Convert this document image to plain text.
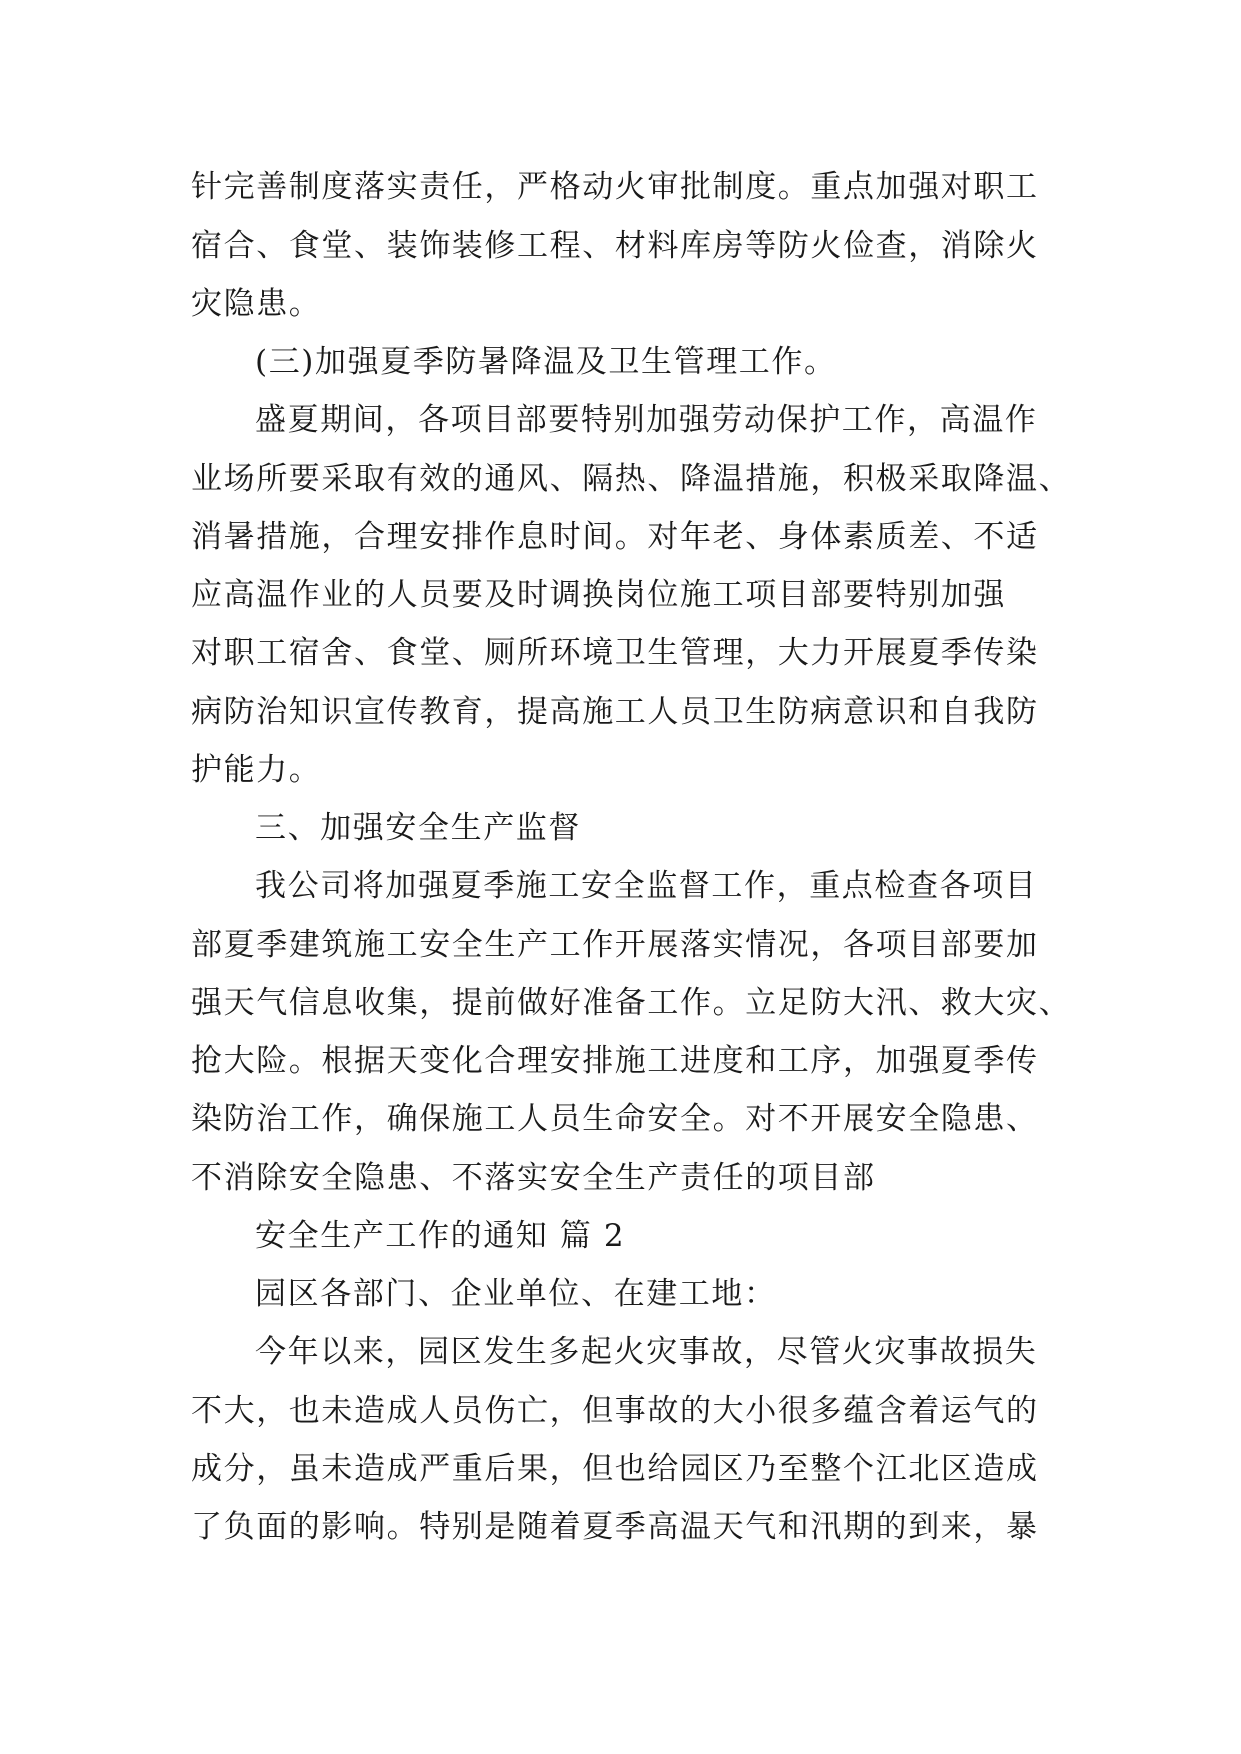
针完善制度落实责任，严格动火审批制度。重点加强对职工
宿合、食堂、装饰装修工程、材料库房等防火俭查，消除火
灾隐患。
(三)加强夏季防暑降温及卫生管理工作。
盛夏期间，各项目部要特别加强劳动保护工作，高温作
业场所要采取有效的通风、隔热、降温措施，积极采取降温、
消暑措施，合理安排作息时间。对年老、身体素质差、不适
应高温作业的人员要及时调换岗位施工项目部要特别加强
对职工宿舍、食堂、厕所环境卫生管理，大力开展夏季传染
病防治知识宣传教育，提高施工人员卫生防病意识和自我防
护能力。
三、加强安全生产监督
我公司将加强夏季施工安全监督工作，重点检查各项目
部夏季建筑施工安全生产工作开展落实情况，各项目部要加
强天气信息收集，提前做好准备工作。立足防大汛、救大灾、
抢大险。根据天变化合理安排施工进度和工序，加强夏季传
染防治工作，确保施工人员生命安全。对不开展安全隐患、
不消除安全隐患、不落实安全生产责任的项目部
安全生产工作的通知 篇 2
园区各部门、企业单位、在建工地：
今年以来，园区发生多起火灾事故，尽管火灾事故损失
不大，也未造成人员伤亡，但事故的大小很多蕴含着运气的
成分，虽未造成严重后果，但也给园区乃至整个江北区造成
了负面的影响。特别是随着夏季高温天气和汛期的到来，暴
